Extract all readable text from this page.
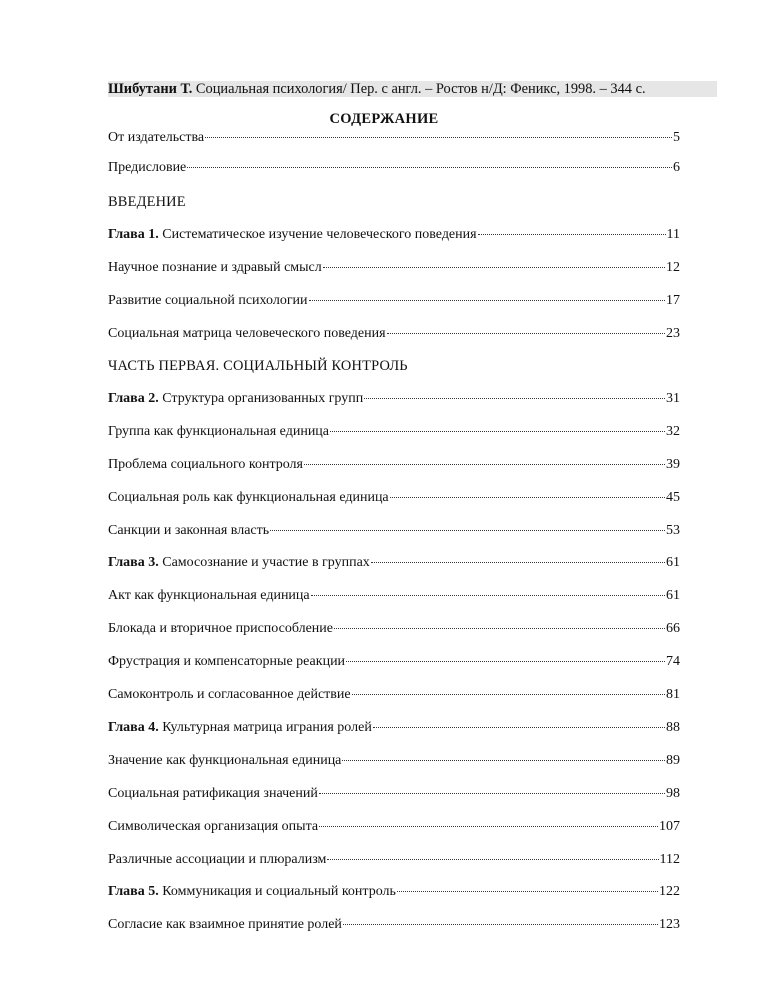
Шибутани Т. Социальная психология/ Пер. с англ. – Ростов н/Д: Феникс, 1998. – 344 с.
СОДЕРЖАНИЕ
От издательства	5
Предисловие	6
ВВЕДЕНИЕ
Глава 1. Систематическое изучение человеческого поведения	11
Научное познание и здравый смысл	12
Развитие социальной психологии	17
Социальная матрица человеческого поведения	23
ЧАСТЬ ПЕРВАЯ. СОЦИАЛЬНЫЙ КОНТРОЛЬ
Глава 2. Структура организованных групп	31
Группа как функциональная единица	32
Проблема социального контроля	39
Социальная роль как функциональная единица	45
Санкции и законная власть	53
Глава 3. Самосознание и участие в группах	61
Акт как функциональная единица	61
Блокада и вторичное приспособление	66
Фрустрация и компенсаторные реакции	74
Самоконтроль и согласованное действие	81
Глава 4. Культурная матрица играния ролей	88
Значение как функциональная единица	89
Социальная ратификация значений	98
Символическая организация опыта	107
Различные ассоциации и плюрализм	112
Глава 5. Коммуникация и социальный контроль	122
Согласие как взаимное принятие ролей	123
